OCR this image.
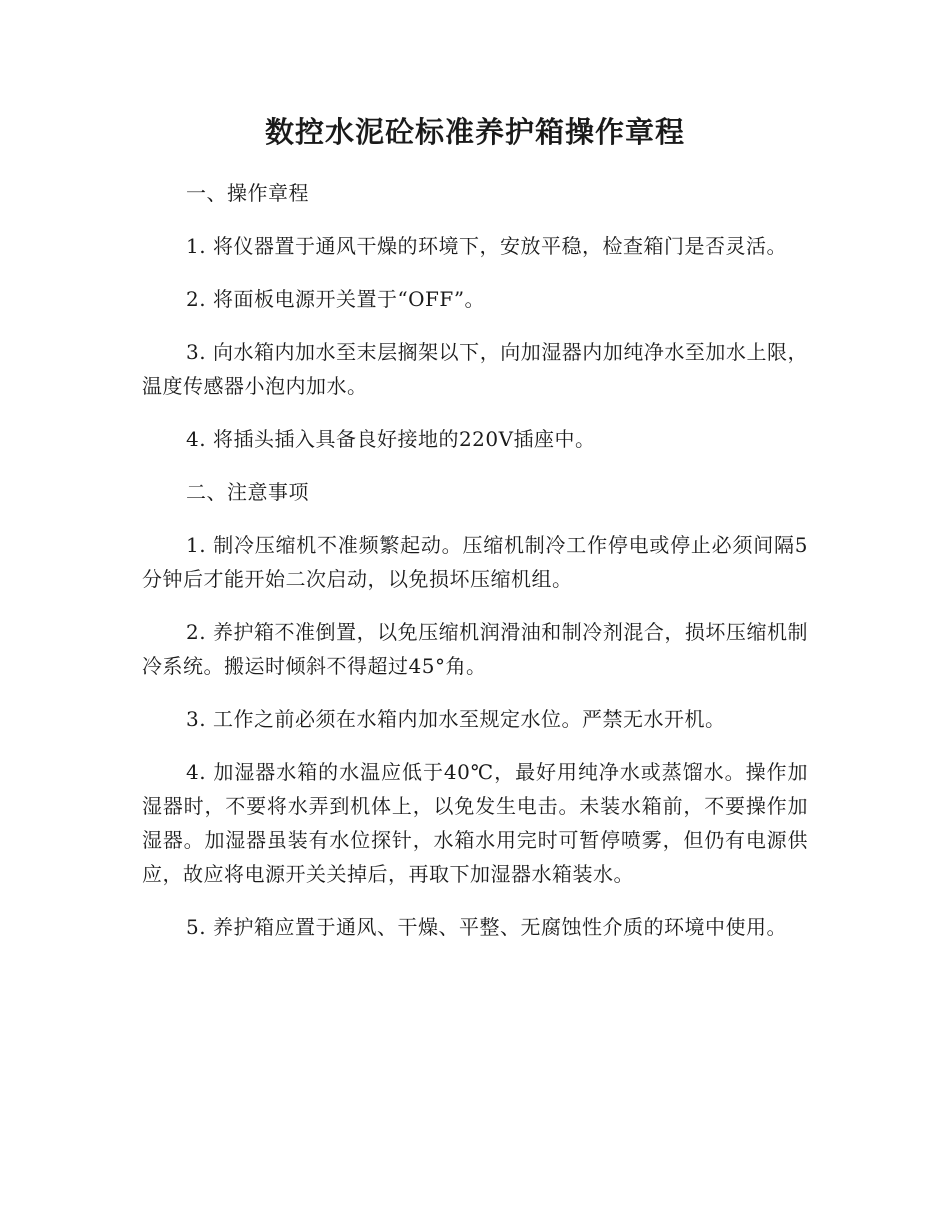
数控水泥砼标准养护箱操作章程

一、操作章程

1. 将仪器置于通风干燥的环境下，安放平稳，检查箱门是否灵活。

2. 将面板电源开关置于“OFF”。

3. 向水箱内加水至末层搁架以下，向加湿器内加纯净水至加水上限，温度传感器小泡内加水。

4. 将插头插入具备良好接地的220V插座中。

二、注意事项

1. 制冷压缩机不准频繁起动。压缩机制冷工作停电或停止必须间隔5分钟后才能开始二次启动，以免损坏压缩机组。

2. 养护箱不准倒置，以免压缩机润滑油和制冷剂混合，损坏压缩机制冷系统。搬运时倾斜不得超过45°角。

3. 工作之前必须在水箱内加水至规定水位。严禁无水开机。

4. 加湿器水箱的水温应低于40℃，最好用纯净水或蒸馏水。操作加湿器时，不要将水弄到机体上，以免发生电击。未装水箱前，不要操作加湿器。加湿器虽装有水位探针，水箱水用完时可暂停喷雾，但仍有电源供应，故应将电源开关关掉后，再取下加湿器水箱装水。

5. 养护箱应置于通风、干燥、平整、无腐蚀性介质的环境中使用。
